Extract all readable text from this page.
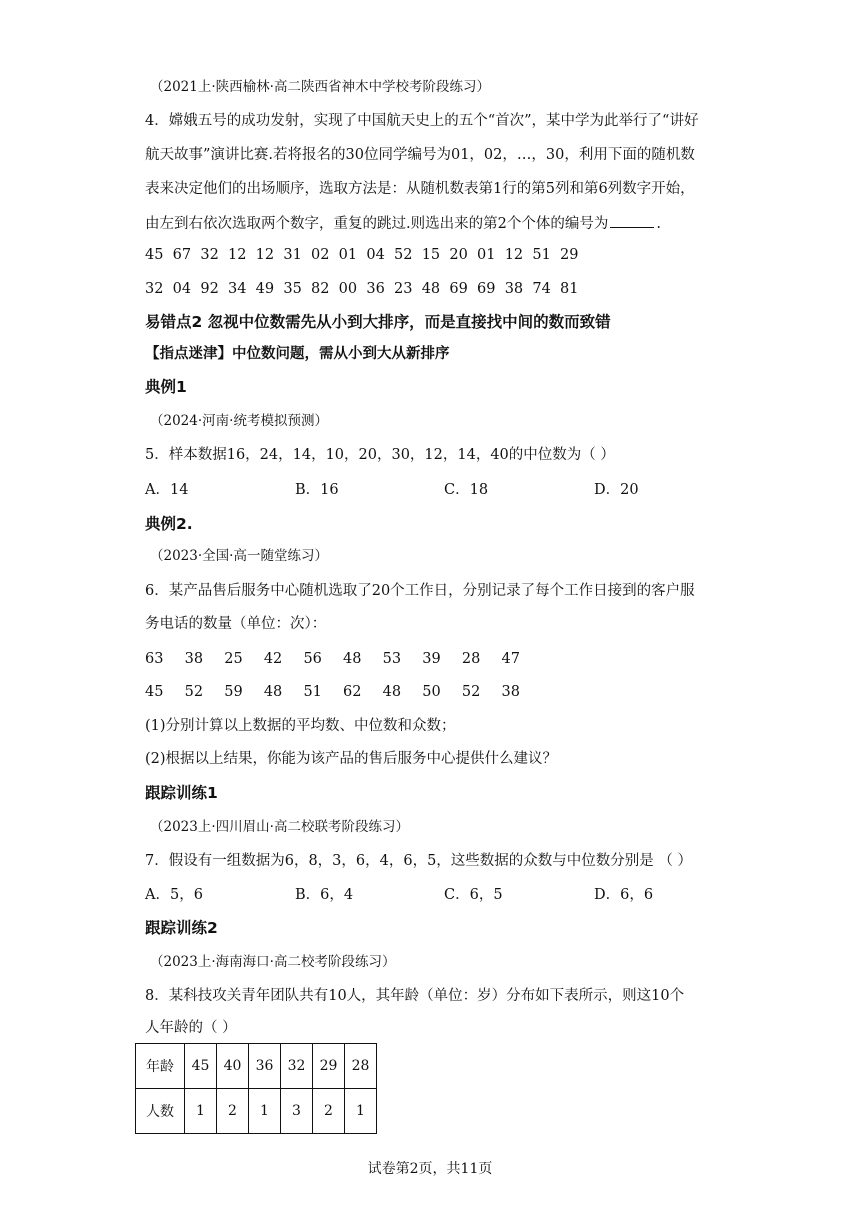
（2021上·陕西榆林·高二陕西省神木中学校考阶段练习）
4．嫦娥五号的成功发射，实现了中国航天史上的五个“首次”，某中学为此举行了“讲好
航天故事”演讲比赛.若将报名的30位同学编号为01，02，…，30，利用下面的随机数
表来决定他们的出场顺序，选取方法是：从随机数表第1行的第5列和第6列数字开始，
由左到右依次选取两个数字，重复的跳过.则选出来的第2个个体的编号为	.
45  67  32  12  12  31  02  01  04  52  15  20  01  12  51  29
32  04  92  34  49  35  82  00  36  23  48  69  69  38  74  81
易错点2 忽视中位数需先从小到大排序，而是直接找中间的数而致错
【指点迷津】中位数问题，需从小到大从新排序
典例1
（2024·河南·统考模拟预测）
5．样本数据16，24，14，10，20，30，12，14，40的中位数为（ ）
A．14	B．16	C．18	D．20
典例2.
（2023·全国·高一随堂练习）
6．某产品售后服务中心随机选取了20个工作日，分别记录了每个工作日接到的客户服
务电话的数量（单位：次）：
63 38 25 42 56 48 53 39 28 47
45 52 59 48 51 62 48 50 52 38
(1)分别计算以上数据的平均数、中位数和众数；
(2)根据以上结果，你能为该产品的售后服务中心提供什么建议？
跟踪训练1
（2023上·四川眉山·高二校联考阶段练习）
7．假设有一组数据为6，8，3，6，4，6，5，这些数据的众数与中位数分别是 （ ）
A．5，6	B．6，4	C．6，5	D．6，6
跟踪训练2
（2023上·海南海口·高二校考阶段练习）
8．某科技攻关青年团队共有10人，其年龄（单位：岁）分布如下表所示，则这10个
人年龄的（ ）
年龄	45	40	36	32	29	28
人数	1	2	1	3	2	1
试卷第2页，共11页
